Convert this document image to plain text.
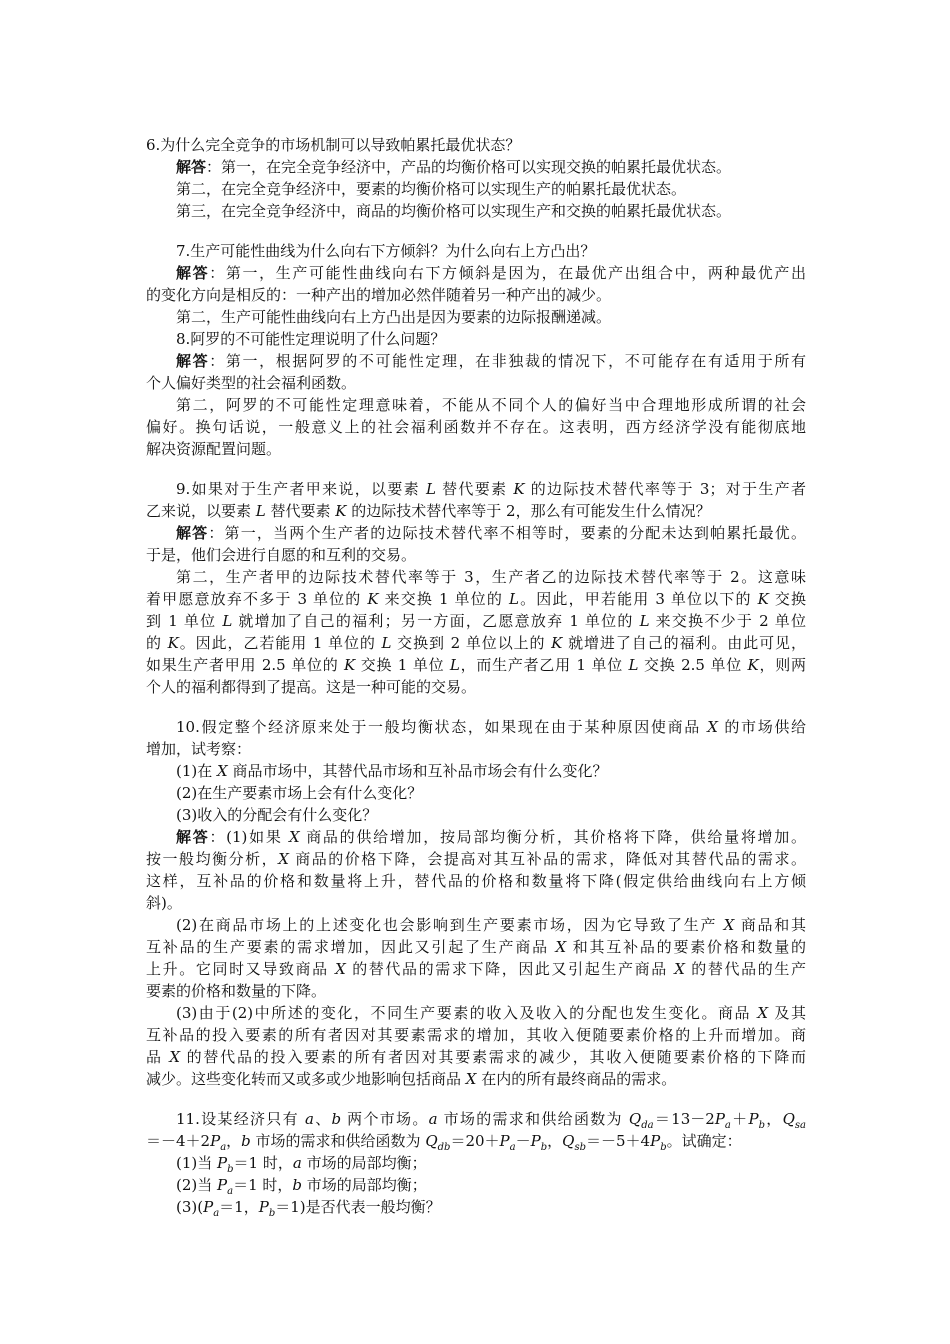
6.为什么完全竞争的市场机制可以导致帕累托最优状态？
解答：第一，在完全竞争经济中，产品的均衡价格可以实现交换的帕累托最优状态。
第二，在完全竞争经济中，要素的均衡价格可以实现生产的帕累托最优状态。
第三，在完全竞争经济中，商品的均衡价格可以实现生产和交换的帕累托最优状态。
7.生产可能性曲线为什么向右下方倾斜？为什么向右上方凸出？
解答：第一，生产可能性曲线向右下方倾斜是因为，在最优产出组合中，两种最优产出
的变化方向是相反的：一种产出的增加必然伴随着另一种产出的减少。
第二，生产可能性曲线向右上方凸出是因为要素的边际报酬递减。
8.阿罗的不可能性定理说明了什么问题？
解答：第一，根据阿罗的不可能性定理，在非独裁的情况下，不可能存在有适用于所有
个人偏好类型的社会福利函数。
第二，阿罗的不可能性定理意味着，不能从不同个人的偏好当中合理地形成所谓的社会
偏好。换句话说，一般意义上的社会福利函数并不存在。这表明，西方经济学没有能彻底地
解决资源配置问题。
9.如果对于生产者甲来说，以要素 L 替代要素 K 的边际技术替代率等于 3；对于生产者
乙来说，以要素 L 替代要素 K 的边际技术替代率等于 2，那么有可能发生什么情况？
解答：第一，当两个生产者的边际技术替代率不相等时，要素的分配未达到帕累托最优。
于是，他们会进行自愿的和互利的交易。
第二，生产者甲的边际技术替代率等于 3，生产者乙的边际技术替代率等于 2。这意味
着甲愿意放弃不多于 3 单位的 K 来交换 1 单位的 L。因此，甲若能用 3 单位以下的 K 交换
到 1 单位 L 就增加了自己的福利；另一方面，乙愿意放弃 1 单位的 L 来交换不少于 2 单位
的 K。因此，乙若能用 1 单位的 L 交换到 2 单位以上的 K 就增进了自己的福利。由此可见，
如果生产者甲用 2.5 单位的 K 交换 1 单位 L，而生产者乙用 1 单位 L 交换 2.5 单位 K，则两
个人的福利都得到了提高。这是一种可能的交易。
10.假定整个经济原来处于一般均衡状态，如果现在由于某种原因使商品 X 的市场供给
增加，试考察：
(1)在 X 商品市场中，其替代品市场和互补品市场会有什么变化？
(2)在生产要素市场上会有什么变化？
(3)收入的分配会有什么变化？
解答：(1)如果 X 商品的供给增加，按局部均衡分析，其价格将下降，供给量将增加。
按一般均衡分析，X 商品的价格下降，会提高对其互补品的需求，降低对其替代品的需求。
这样，互补品的价格和数量将上升，替代品的价格和数量将下降(假定供给曲线向右上方倾
斜)。
(2)在商品市场上的上述变化也会影响到生产要素市场，因为它导致了生产 X 商品和其
互补品的生产要素的需求增加，因此又引起了生产商品 X 和其互补品的要素价格和数量的
上升。它同时又导致商品 X 的替代品的需求下降，因此又引起生产商品 X 的替代品的生产
要素的价格和数量的下降。
(3)由于(2)中所述的变化，不同生产要素的收入及收入的分配也发生变化。商品 X 及其
互补品的投入要素的所有者因对其要素需求的增加，其收入便随要素价格的上升而增加。商
品 X 的替代品的投入要素的所有者因对其要素需求的减少，其收入便随要素价格的下降而
减少。这些变化转而又或多或少地影响包括商品 X 在内的所有最终商品的需求。
11.设某经济只有 a、b 两个市场。a 市场的需求和供给函数为 $Q_{da}=13-2P_a+P_b$，$Q_{sa}$
$=-4+2P_a$，b 市场的需求和供给函数为 $Q_{db}=20+P_a-P_b$，$Q_{sb}=-5+4P_b$。试确定：
(1)当 $P_b=1$ 时，a 市场的局部均衡；
(2)当 $P_a=1$ 时，b 市场的局部均衡；
$(3)(P_a=1$，$P_b=1$)是否代表一般均衡？
